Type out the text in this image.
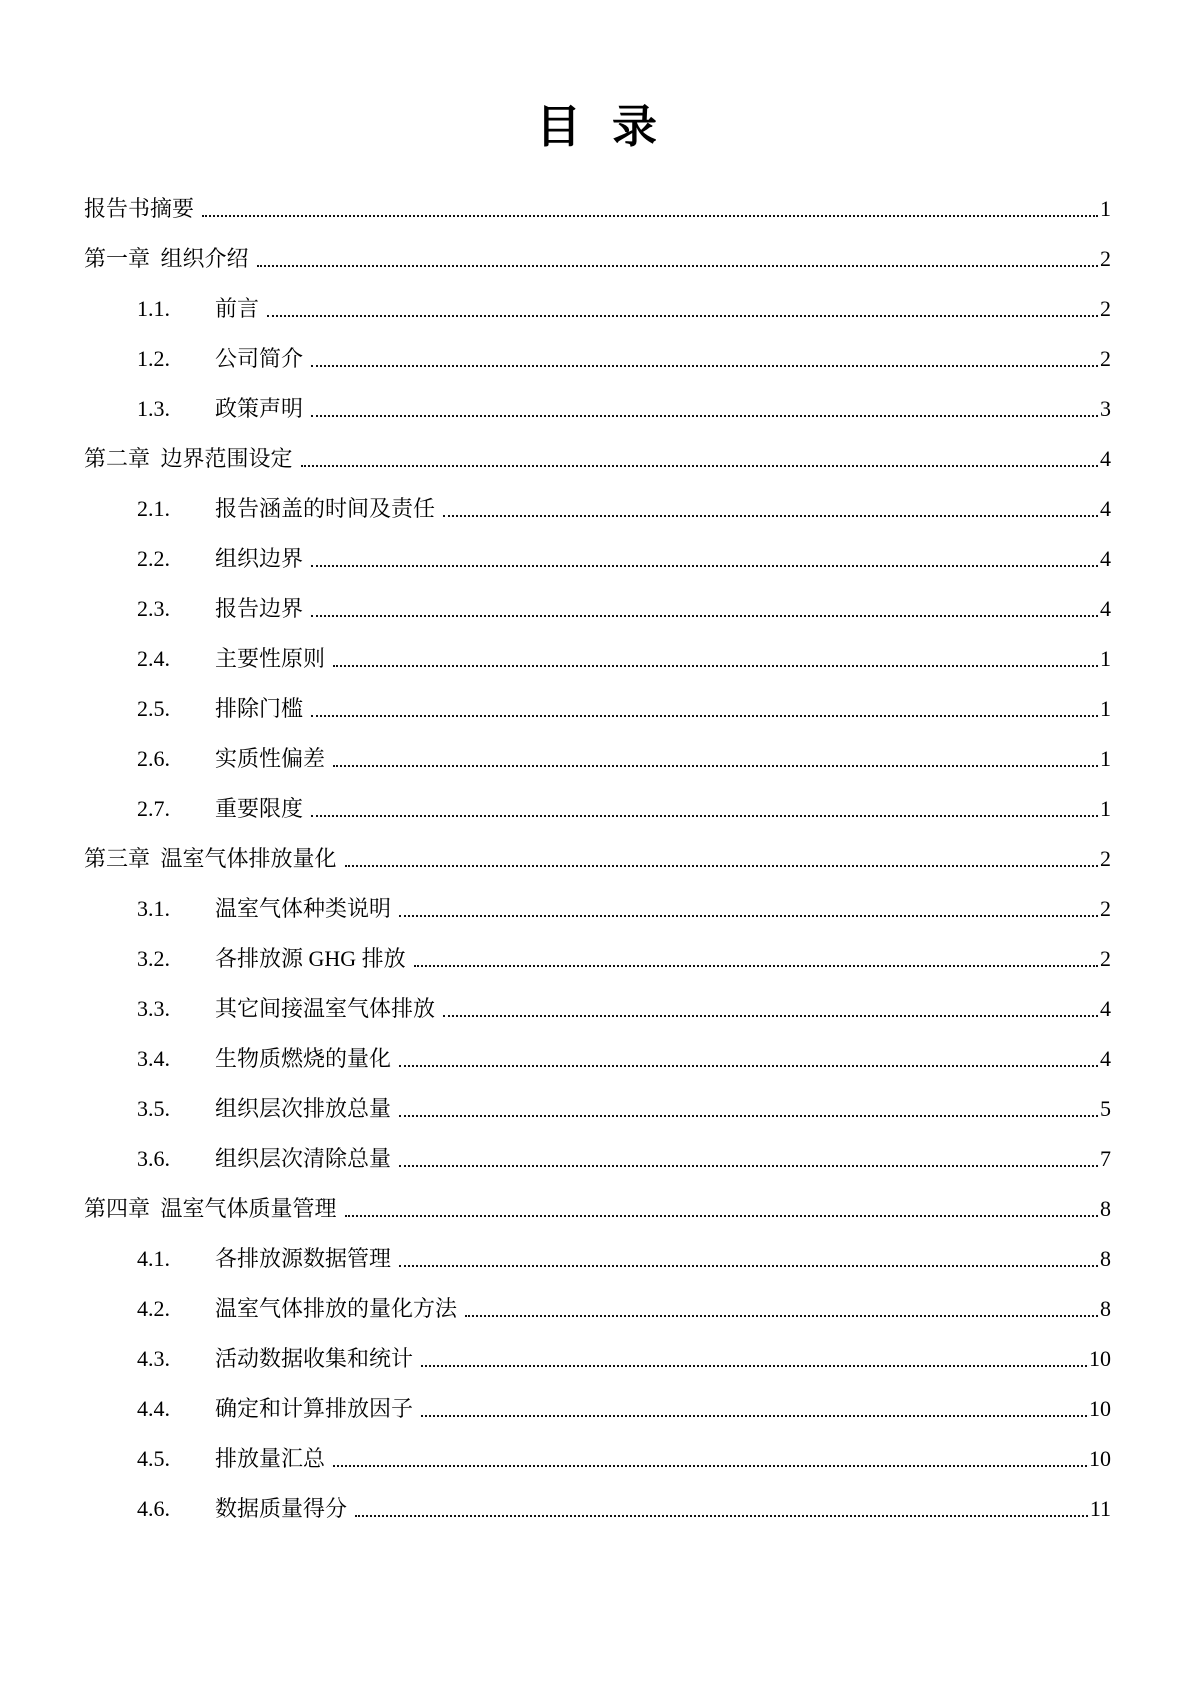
目 录
报告书摘要	1
第一章 组织介绍	2
1.1.	前言	2
1.2.	公司简介	2
1.3.	政策声明	3
第二章 边界范围设定	4
2.1.	报告涵盖的时间及责任	4
2.2.	组织边界	4
2.3.	报告边界	4
2.4.	主要性原则	1
2.5.	排除门槛	1
2.6.	实质性偏差	1
2.7.	重要限度	1
第三章 温室气体排放量化	2
3.1.	温室气体种类说明	2
3.2.	各排放源 GHG 排放	2
3.3.	其它间接温室气体排放	4
3.4.	生物质燃烧的量化	4
3.5.	组织层次排放总量	5
3.6.	组织层次清除总量	7
第四章 温室气体质量管理	8
4.1.	各排放源数据管理	8
4.2.	温室气体排放的量化方法	8
4.3.	活动数据收集和统计	10
4.4.	确定和计算排放因子	10
4.5.	排放量汇总	10
4.6.	数据质量得分	11
